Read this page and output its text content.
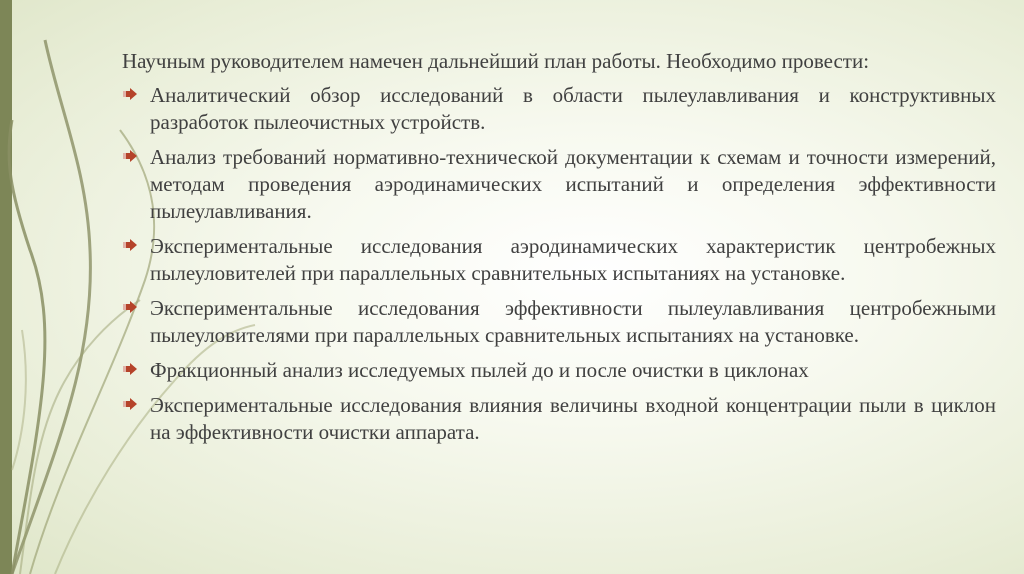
Научным руководителем намечен дальнейший план работы. Необходимо провести:

Аналитический обзор исследований в области пылеулавливания и конструктивных разработок пылеочистных устройств.
Анализ требований нормативно-технической документации к схемам и точности измерений, методам проведения аэродинамических испытаний и определения эффективности пылеулавливания.
Экспериментальные исследования аэродинамических характеристик центробежных пылеуловителей при параллельных сравнительных испытаниях на установке.
Экспериментальные исследования эффективности пылеулавливания центробежными пылеуловителями при параллельных сравнительных испытаниях на установке.
Фракционный анализ исследуемых пылей до и после очистки в циклонах
Экспериментальные исследования влияния величины входной концентрации пыли в циклон на эффективности очистки аппарата.
